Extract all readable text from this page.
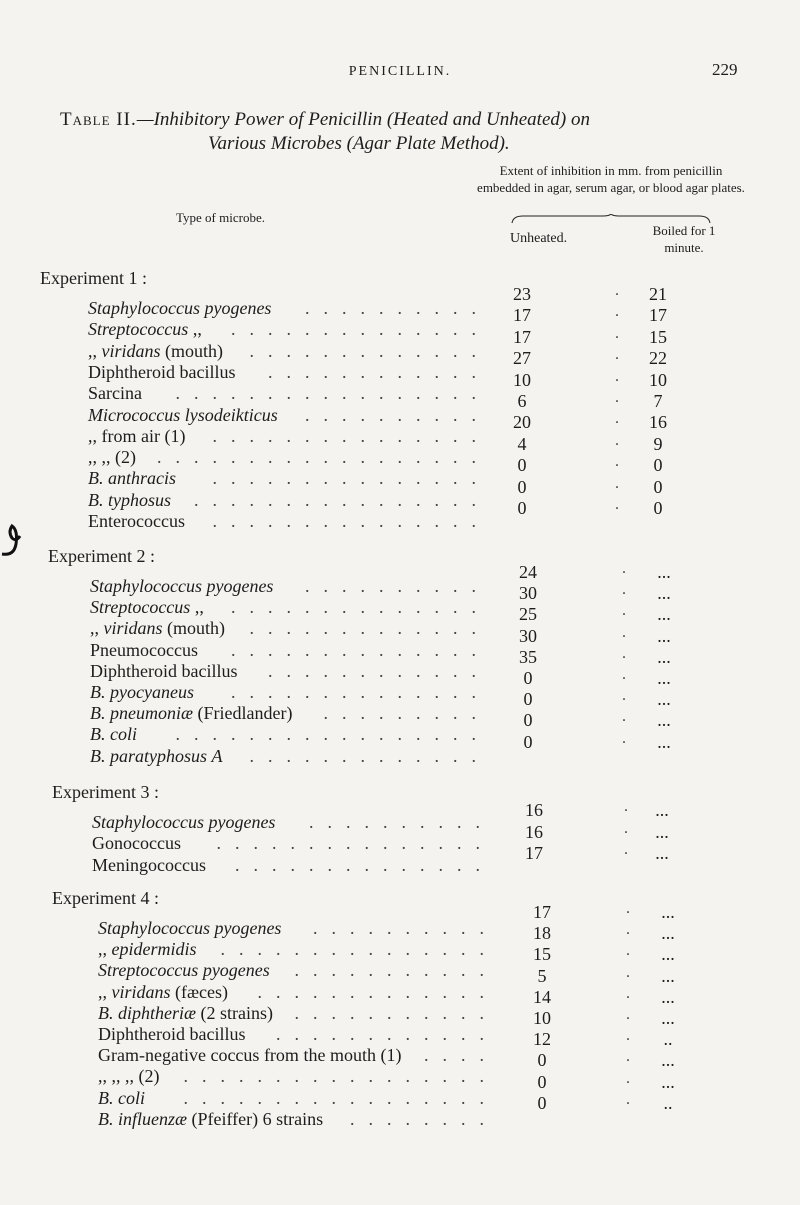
PENICILLIN.	229
Table II.—Inhibitory Power of Penicillin (Heated and Unheated) on
Various Microbes (Agar Plate Method).
Type of microbe.
Extent of inhibition in mm. from penicillin embedded in agar, serum agar, or blood agar plates.
Unheated.
Boiled for 1 minute.
Experiment 1 :
Staphylococcus pyogenes ..........
23	.	21
Streptococcus ,, ..............
17	.	17
,, viridans (mouth) .............
17	.	15
Diphtheroid bacillus ............
27	.	22
Sarcina .................
10	.	10
Micrococcus lysodeikticus ..........
6	.	7
,, from air (1) ...............
20	.	16
,, ,, (2) ..................
4	.	9
B. anthracis ...............
0	.	0
B. typhosus ................
0	.	0
Enterococcus ...............
0	.	0
Experiment 2 :
Staphylococcus pyogenes ..........
24	.	...
Streptococcus ,, ..............
30	.	...
,, viridans (mouth) .............
25	.	...
Pneumococcus ..............
30	.	...
Diphtheroid bacillus ............
35	.	...
B. pyocyaneus ..............
0	.	...
B. pneumoniæ (Friedlander) .........
0	.	...
B. coli .................
0	.	...
B. paratyphosus A .............
0	.	...
Experiment 3 :
Staphylococcus pyogenes ..........
16	.	...
Gonococcus ...............
16	.	...
Meningococcus ..............
17	.	...
Experiment 4 :
Staphylococcus pyogenes ..........
17	.	...
,, epidermidis ...............
18	.	...
Streptococcus pyogenes ...........
15	.	...
,, viridans (fæces) .............
5	.	...
B. diphtheriæ (2 strains) ...........
14	.	...
Diphtheroid bacillus ............
10	.	...
Gram-negative coccus from the mouth (1) ....
12	.	..
,, ,, ,, (2) .................
0	.	...
B. coli .................
0	.	...
B. influenzæ (Pfeiffer) 6 strains ........
0	.	..
